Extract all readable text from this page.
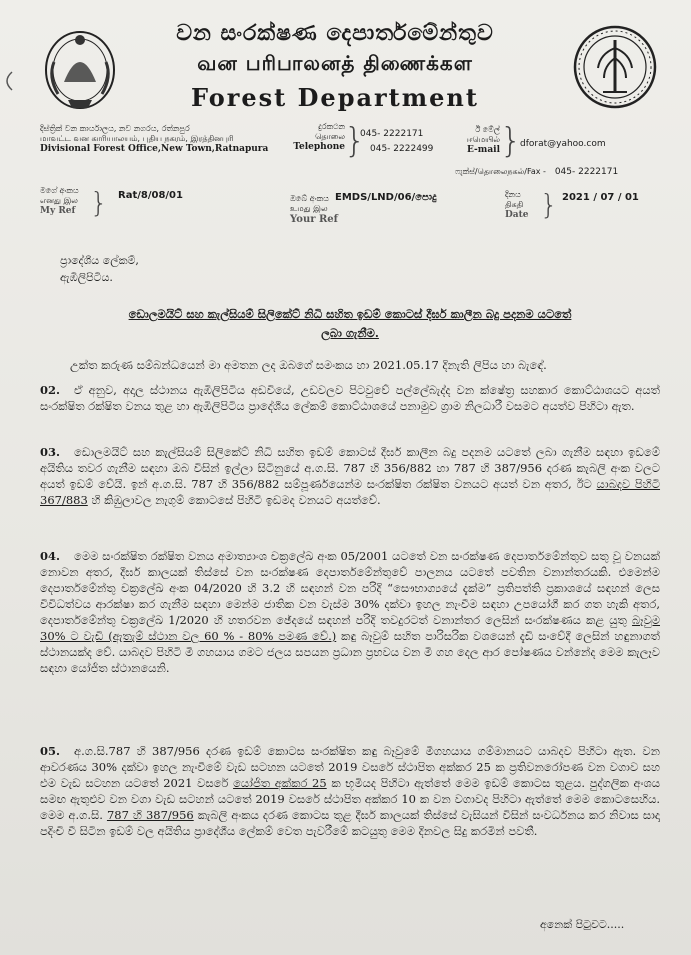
වන සංරක්ෂණ දෙපාර්තමේන්තුව
வன பரிபாலனத் திணைக்கள
Forest Department
දිස්ත්‍රික් වන කාර්යාලය, නව නගරය, රත්නපුර
மாவட்ட வன காரியாலயம், புதிய நகரம், இரத்தினபுரி
Divisional Forest Office,New Town,Ratnapura
දුරකථන
தொலை
Telephone }
045- 2222171
045- 2222499
ඊ මේල්
ஈமெயில்
E-mail }
dforat@yahoo.com
ෆැක්ස්/தொலைநகல்/Fax - 045- 2222171
මගේ අංකය
எனது இல
My Ref } Rat/8/08/01	ඔබේ අංකය
உமது இல
Your Ref
EMDS/LND/06/පොදු	දිනය
திகதி
Date } 2021 / 07 / 01
ප්‍රාදේශීය ලේකම්,
ඇඹිලිපිටිය.
ඩොලමයිට් සහ කැල්සියම් සිලිකේට් නිධි සහිත ඉඩම් කොටස් දීර්ඝ කාලීන බදු පදනම යටතේ
ලබා ගැනීම.
උක්ත කරුණ සම්බන්ධයෙන් මා අමතන ලද ඔබගේ සමංකය හා 2021.05.17 දිනැති ලිපිය හා බැඳේ.
02. ඒ අනුව, අදාල ස්ථානය ඇඹිලිපිටිය අඩවියේ, උඩවලව පිටවුවේ පල්ලේබැද්ද වන ක්ෂේත්‍ර සහකාර කොට්ඨාශයට අයත් සංරක්ෂිත රක්ෂිත වනය තුළ හා ඇඹිලිපිටිය ප්‍රාදේශීය ලේකම් කොට්ඨාශයේ පනාමුව ග්‍රාම නිලධාරී වසමට අයත්ව පිහිටා ඇත.
03. ඩොලමයිට් සහ කැල්සියම් සිලිකේට් නිධි සහිත ඉඩම් කොටස් දීර්ඝ කාලීන බදු පදනම යටතේ ලබා ගැනීම සඳහා ඉඩමේ අයිතිය තවර ගැනීම සඳහා ඔබ විසින් ඉල්ලා සිටිනුයේ අ.ග.සි. 787 හි 356/882 හා 787 හි 387/956 දරණ කැබලි අංක වලට අයත් ඉඩම් වේයි. ඉන් අ.ග.සි. 787 හි 356/882 සම්පූර්ණයෙන්ම සංරක්ෂිත රක්ෂිත වනයට අයත් වන අතර, ඊට යාබදව පිහිටි 367/883 හි කිඹුලාවල නැගුම් කොටසේ පිහිටි ඉඩමද වනයට අයත්වේ.
04. මෙම සංරක්ෂිත රක්ෂිත වනය අමාත්‍යාංශ චක්‍රලේඛ අංක 05/2001 යටතේ වන සංරක්ෂණ දෙපාර්තමේන්තුව සතු වූ වනයක් නොවන අතර, දීර්ඝ කාලයක් තිස්සේ වන සංරක්ෂණ දෙපාර්තමේන්තුවේ පාලනය යටතේ පවතින වනාන්තරයකි. එමෙන්ම දෙපාර්තමේන්තු චක්‍රලේඛ අංක 04/2020 හි 3.2 හි සඳහන් වන පරිදි “සෞභාග්‍යයේ දැක්ම” ප්‍රතිපත්ති ප්‍රකාශයේ සඳහන් ලෙස විවිධත්වය ආරක්ෂා කර ගැනීම සඳහා මෙන්ම ජාතික වන වැස්ම 30% දක්වා ඉහල නැංවීම සඳහා උපයෝගී කර ගත හැකි අතර, දෙපාර්තමේන්තු චක්‍රලේඛ 1/2020 හි හතරවන ඡේදයේ සඳහන් පරිදි තවදුරටත් වනාන්තර ලෙසින් සංරක්ෂණය කළ යුතු බෑවුම 30% ට වැඩි (ඇතැම් ස්ථාන වල 60 % - 80% පමණ වේ.) කඳු බෑවුම් සහිත පාරිසරික වශයෙන් දැඩි සංවේදී ලෙසින් හඳුනාගත් ස්ථානයක්ද වේ. යාබදව පිහිටි මී ගහයාය ගමට ජලය සපයන ප්‍රධාන ප්‍රභවය වන මී ගහ දෙල ආර පෝෂණය වන්නේද මෙම කැලෑව සඳහා යෝජිත ස්ථානයෙනි.
05. අ.ග.සි.787 හි 387/956 දරණ ඉඩම් කොටස සංරක්ෂිත කඳු බෑවුමේ මීගහයාය ගම්මානයට යාබදව පිහිටා ඇත. වන ආවරණය 30% දක්වා ඉහල නැංවීමේ වැඩ සටහන යටතේ 2019 වසරේ ස්ථාපිත අක්කර 25 ක ප්‍රතිවනරෝපණ වන වගාව සහ එම වැඩ සටහන යටතේ 2021 වසරේ යෝජිත අක්කර 25 ක භූමියද පිහිටා ඇත්තේ මෙම ඉඩම් කොටස තුළය. පුද්ගලික අංශය සමඟ ඇතුළුව වන වගා වැඩ සටහන් යටතේ 2019 වසරේ ස්ථාපිත අක්කර 10 ක වන වගාවද පිහිටා ඇත්තේ මෙම කොටසෙහිය. මෙම අ.ග.සි. 787 හි 387/956 කැබලි අංකය දරණ කොටස තුළ දීර්ඝ කාලයක් තිස්සේ වැසියන් විසින් සංවර්ධනය කර නිවාස සාදා පදිංචි වී සිටින ඉඩම් වල අයිතිය ප්‍රාදේශීය ලේකම් වෙත පැවරීමේ කටයුතු මෙම දිනවල සිදු කරමින් පවතී.
අනෙක් පිටුවට.....
